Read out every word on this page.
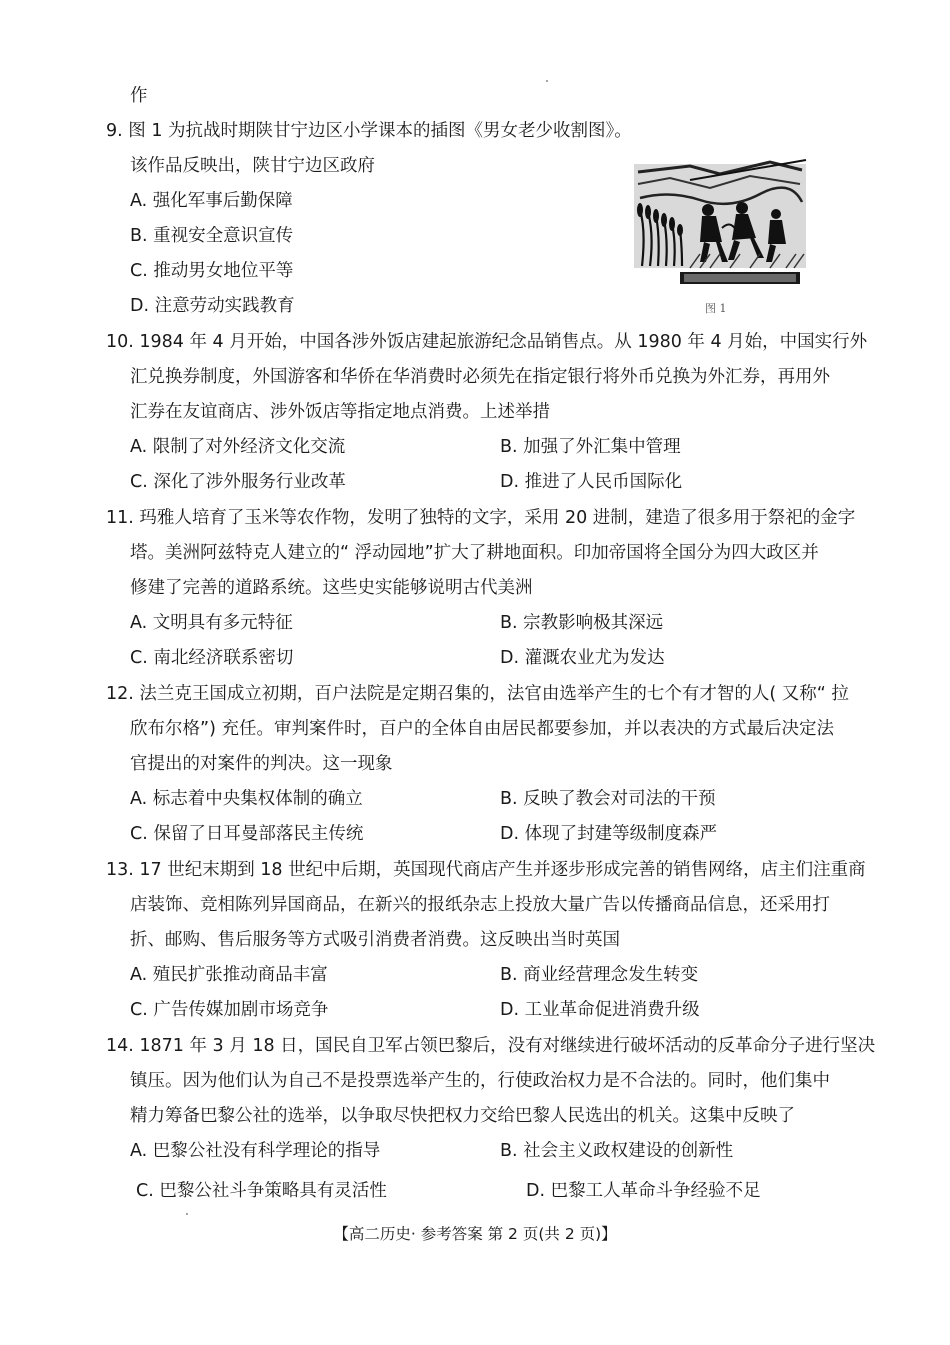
作
9. 图 1 为抗战时期陕甘宁边区小学课本的插图《男女老少收割图》。
该作品反映出，陕甘宁边区政府
A. 强化军事后勤保障
B. 重视安全意识宣传
C. 推动男女地位平等
D. 注意劳动实践教育	图 1
10. 1984 年 4 月开始，中国各涉外饭店建起旅游纪念品销售点。从 1980 年 4 月始，中国实行外
汇兑换券制度，外国游客和华侨在华消费时必须先在指定银行将外币兑换为外汇券，再用外
汇券在友谊商店、涉外饭店等指定地点消费。上述举措
A. 限制了对外经济文化交流	B. 加强了外汇集中管理
C. 深化了涉外服务行业改革	D. 推进了人民币国际化
11. 玛雅人培育了玉米等农作物，发明了独特的文字，采用 20 进制，建造了很多用于祭祀的金字
塔。美洲阿兹特克人建立的“ 浮动园地”扩大了耕地面积。印加帝国将全国分为四大政区并
修建了完善的道路系统。这些史实能够说明古代美洲
A. 文明具有多元特征	B. 宗教影响极其深远
C. 南北经济联系密切	D. 灌溉农业尤为发达
12. 法兰克王国成立初期，百户法院是定期召集的，法官由选举产生的七个有才智的人( 又称“ 拉
欣布尔格”) 充任。审判案件时，百户的全体自由居民都要参加，并以表决的方式最后决定法
官提出的对案件的判决。这一现象
A. 标志着中央集权体制的确立	B. 反映了教会对司法的干预
C. 保留了日耳曼部落民主传统	D. 体现了封建等级制度森严
13. 17 世纪末期到 18 世纪中后期，英国现代商店产生并逐步形成完善的销售网络，店主们注重商
店装饰、竞相陈列异国商品，在新兴的报纸杂志上投放大量广告以传播商品信息，还采用打
折、邮购、售后服务等方式吸引消费者消费。这反映出当时英国
A. 殖民扩张推动商品丰富	B. 商业经营理念发生转变
C. 广告传媒加剧市场竞争	D. 工业革命促进消费升级
14. 1871 年 3 月 18 日，国民自卫军占领巴黎后，没有对继续进行破坏活动的反革命分子进行坚决
镇压。因为他们认为自己不是投票选举产生的，行使政治权力是不合法的。同时，他们集中
精力筹备巴黎公社的选举，以争取尽快把权力交给巴黎人民选出的机关。这集中反映了
A. 巴黎公社没有科学理论的指导	B. 社会主义政权建设的创新性
C. 巴黎公社斗争策略具有灵活性	D. 巴黎工人革命斗争经验不足
【高二历史· 参考答案 第 2 页(共 2 页)】
